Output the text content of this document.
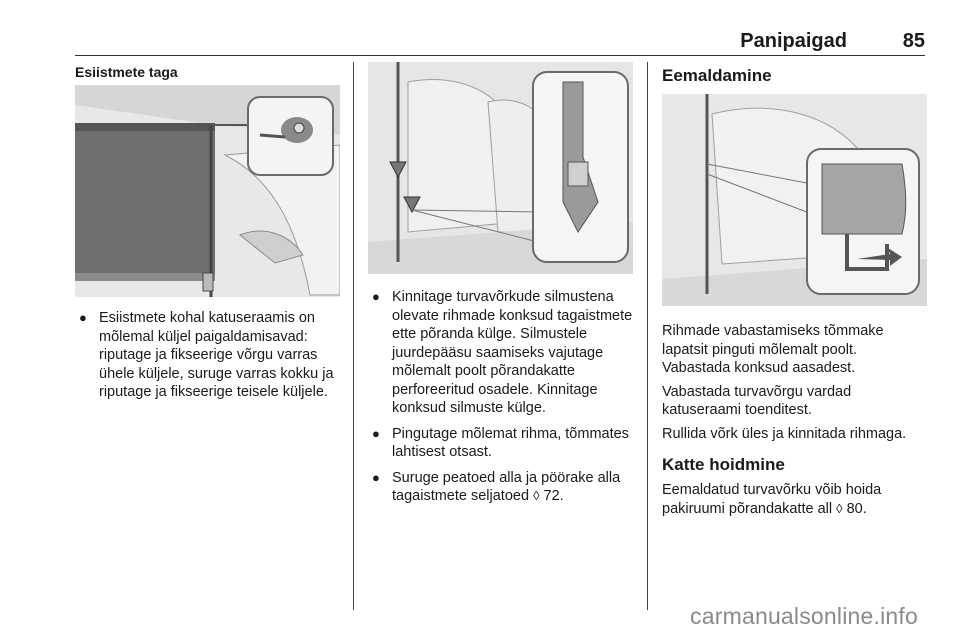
Panipaigad	85
Esiistmete taga
● Esiistmete kohal katuseraamis on mõlemal küljel paigaldamisavad: riputage ja fikseerige võrgu varras ühele küljele, suruge varras kokku ja riputage ja fikseerige teisele küljele.
● Kinnitage turvavõrkude silmustena olevate rihmade konksud tagaistmete ette põranda külge. Silmustele juurdepääsu saamiseks vajutage mõlemalt poolt põrandakatte perforeeritud osadele. Kinnitage konksud silmuste külge.
● Pingutage mõlemat rihma, tõmmates lahtisest otsast.
● Suruge peatoed alla ja pöörake alla tagaistmete seljatoed ◊ 72.
Eemaldamine

Rihmade vabastamiseks tõmmake lapatsit pinguti mõlemalt poolt. Vabastada konksud aasadest.

Vabastada turvavõrgu vardad katuseraami toenditest.

Rullida võrk üles ja kinnitada rihmaga.

Katte hoidmine

Eemaldatud turvavõrku võib hoida pakiruumi põrandakatte all ◊ 80.

carmanualsonline.info
